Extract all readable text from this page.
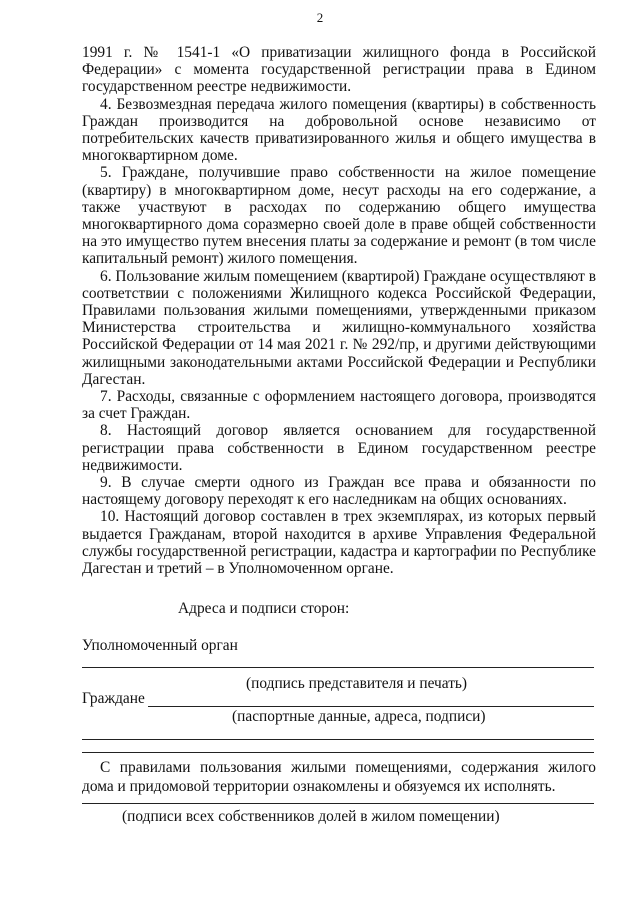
2

1991 г. № 1541-1 «О приватизации жилищного фонда в Российской Федерации» с момента государственной регистрации права в Едином государственном реестре недвижимости.

4. Безвозмездная передача жилого помещения (квартиры) в собственность Граждан производится на добровольной основе независимо от потребительских качеств приватизированного жилья и общего имущества в многоквартирном доме.

5. Граждане, получившие право собственности на жилое помещение (квартиру) в многоквартирном доме, несут расходы на его содержание, а также участвуют в расходах по содержанию общего имущества многоквартирного дома соразмерно своей доле в праве общей собственности на это имущество путем внесения платы за содержание и ремонт (в том числе капитальный ремонт) жилого помещения.

6. Пользование жилым помещением (квартирой) Граждане осуществляют в соответствии с положениями Жилищного кодекса Российской Федерации, Правилами пользования жилыми помещениями, утвержденными приказом Министерства строительства и жилищно-коммунального хозяйства Российской Федерации от 14 мая 2021 г. № 292/пр, и другими действующими жилищными законодательными актами Российской Федерации и Республики Дагестан.

7. Расходы, связанные с оформлением настоящего договора, производятся за счет Граждан.

8. Настоящий договор является основанием для государственной регистрации права собственности в Едином государственном реестре недвижимости.

9. В случае смерти одного из Граждан все права и обязанности по настоящему договору переходят к его наследникам на общих основаниях.

10. Настоящий договор составлен в трех экземплярах, из которых первый выдается Гражданам, второй находится в архиве Управления Федеральной службы государственной регистрации, кадастра и картографии по Республике Дагестан и третий – в Уполномоченном органе.

Адреса и подписи сторон:
Уполномоченный орган
(подпись представителя и печать)
Граждане
(паспортные данные, адреса, подписи)
С правилами пользования жилыми помещениями, содержания жилого дома и придомовой территории ознакомлены и обязуемся их исполнять.
(подписи всех собственников долей в жилом помещении)
